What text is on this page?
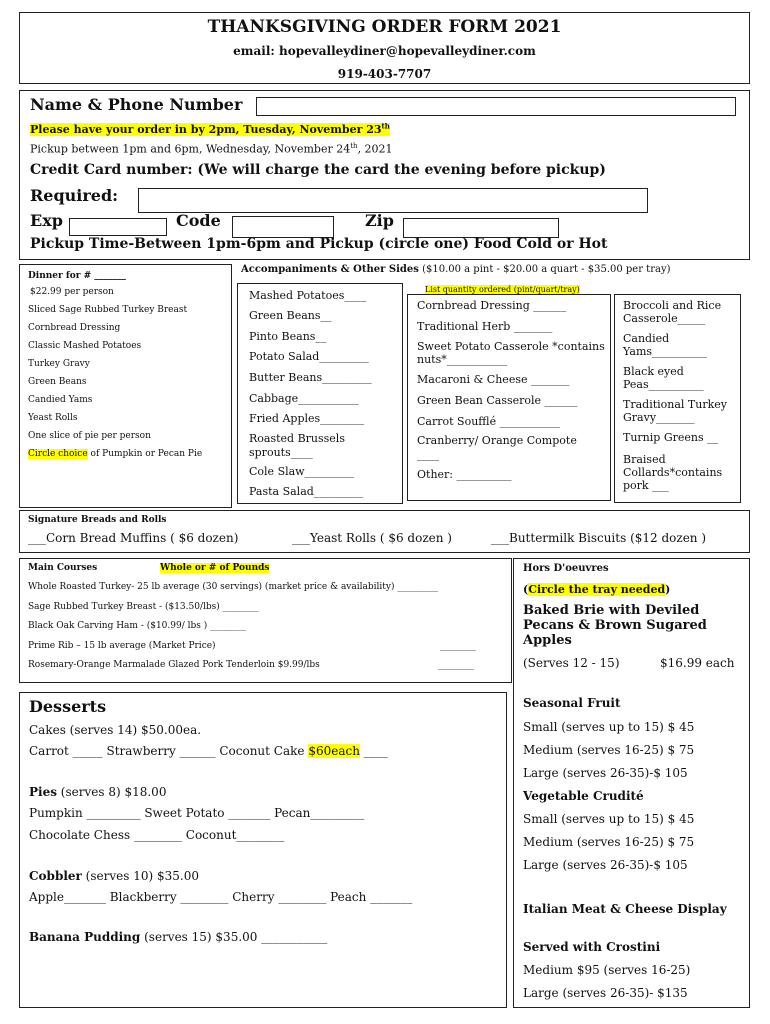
THANKSGIVING ORDER FORM 2021
email: hopevalleydiner@hopevalleydiner.com
919-403-7707
Name & Phone Number
Please have your order in by 2pm, Tuesday, November 23th
Pickup between 1pm and 6pm, Wednesday, November 24th, 2021
Credit Card number: (We will charge the card the evening before pickup)
Required:
Exp	Code	Zip
Pickup Time-Between 1pm-6pm and Pickup (circle one) Food Cold or Hot
Dinner for # _______
$22.99 per person
Sliced Sage Rubbed Turkey Breast
Cornbread Dressing
Classic Mashed Potatoes
Turkey Gravy
Green Beans
Candied Yams
Yeast Rolls
One slice of pie per person
Circle choice of Pumpkin or Pecan Pie
Accompaniments & Other Sides ($10.00 a pint - $20.00 a quart - $35.00 per tray)
List quantity ordered (pint/quart/tray)
Mashed Potatoes____
Green Beans__
Pinto Beans__
Potato Salad_________
Butter Beans_________
Cabbage___________
Fried Apples________
Roasted Brussels sprouts____
Cole Slaw_________
Pasta Salad_________
Cornbread Dressing ______
Traditional Herb _______
Sweet Potato Casserole *contains nuts*___________
Macaroni & Cheese _______
Green Bean Casserole ______
Carrot Soufflé ___________
Cranberry/ Orange Compote ____
Other: __________
Broccoli and Rice Casserole_____
Candied Yams__________
Black eyed Peas__________
Traditional Turkey Gravy_______
Turnip Greens __
Braised Collards*contains pork ___
Signature Breads and Rolls
___Corn Bread Muffins ( $6 dozen)	___Yeast Rolls ( $6 dozen )	___Buttermilk Biscuits ($12 dozen )
Main Courses	Whole or # of Pounds
Whole Roasted Turkey- 25 lb average (30 servings) (market price & availability) _________
Sage Rubbed Turkey Breast - ($13.50/lbs) ________
Black Oak Carving Ham - ($10.99/ lbs ) ________
Prime Rib – 15 lb average (Market Price)	________
Rosemary-Orange Marmalade Glazed Pork Tenderloin $9.99/lbs	________
Hors D'oeuvres
(Circle the tray needed)
Baked Brie with Deviled Pecans & Brown Sugared Apples
(Serves 12 - 15)	$16.99 each
Seasonal Fruit
Small (serves up to 15) $ 45
Medium (serves 16-25) $ 75
Large (serves 26-35)-$ 105
Vegetable Crudité
Small (serves up to 15) $ 45
Medium (serves 16-25) $ 75
Large (serves 26-35)-$ 105
Italian Meat & Cheese Display
Served with Crostini
Medium $95 (serves 16-25)
Large (serves 26-35)- $135
Desserts
Cakes (serves 14) $50.00ea.
Carrot _____ Strawberry ______ Coconut Cake $60each ____
Pies (serves 8) $18.00
Pumpkin _________ Sweet Potato _______ Pecan_________
Chocolate Chess ________ Coconut________
Cobbler (serves 10) $35.00
Apple_______ Blackberry ________ Cherry ________ Peach _______
Banana Pudding (serves 15) $35.00 ___________
